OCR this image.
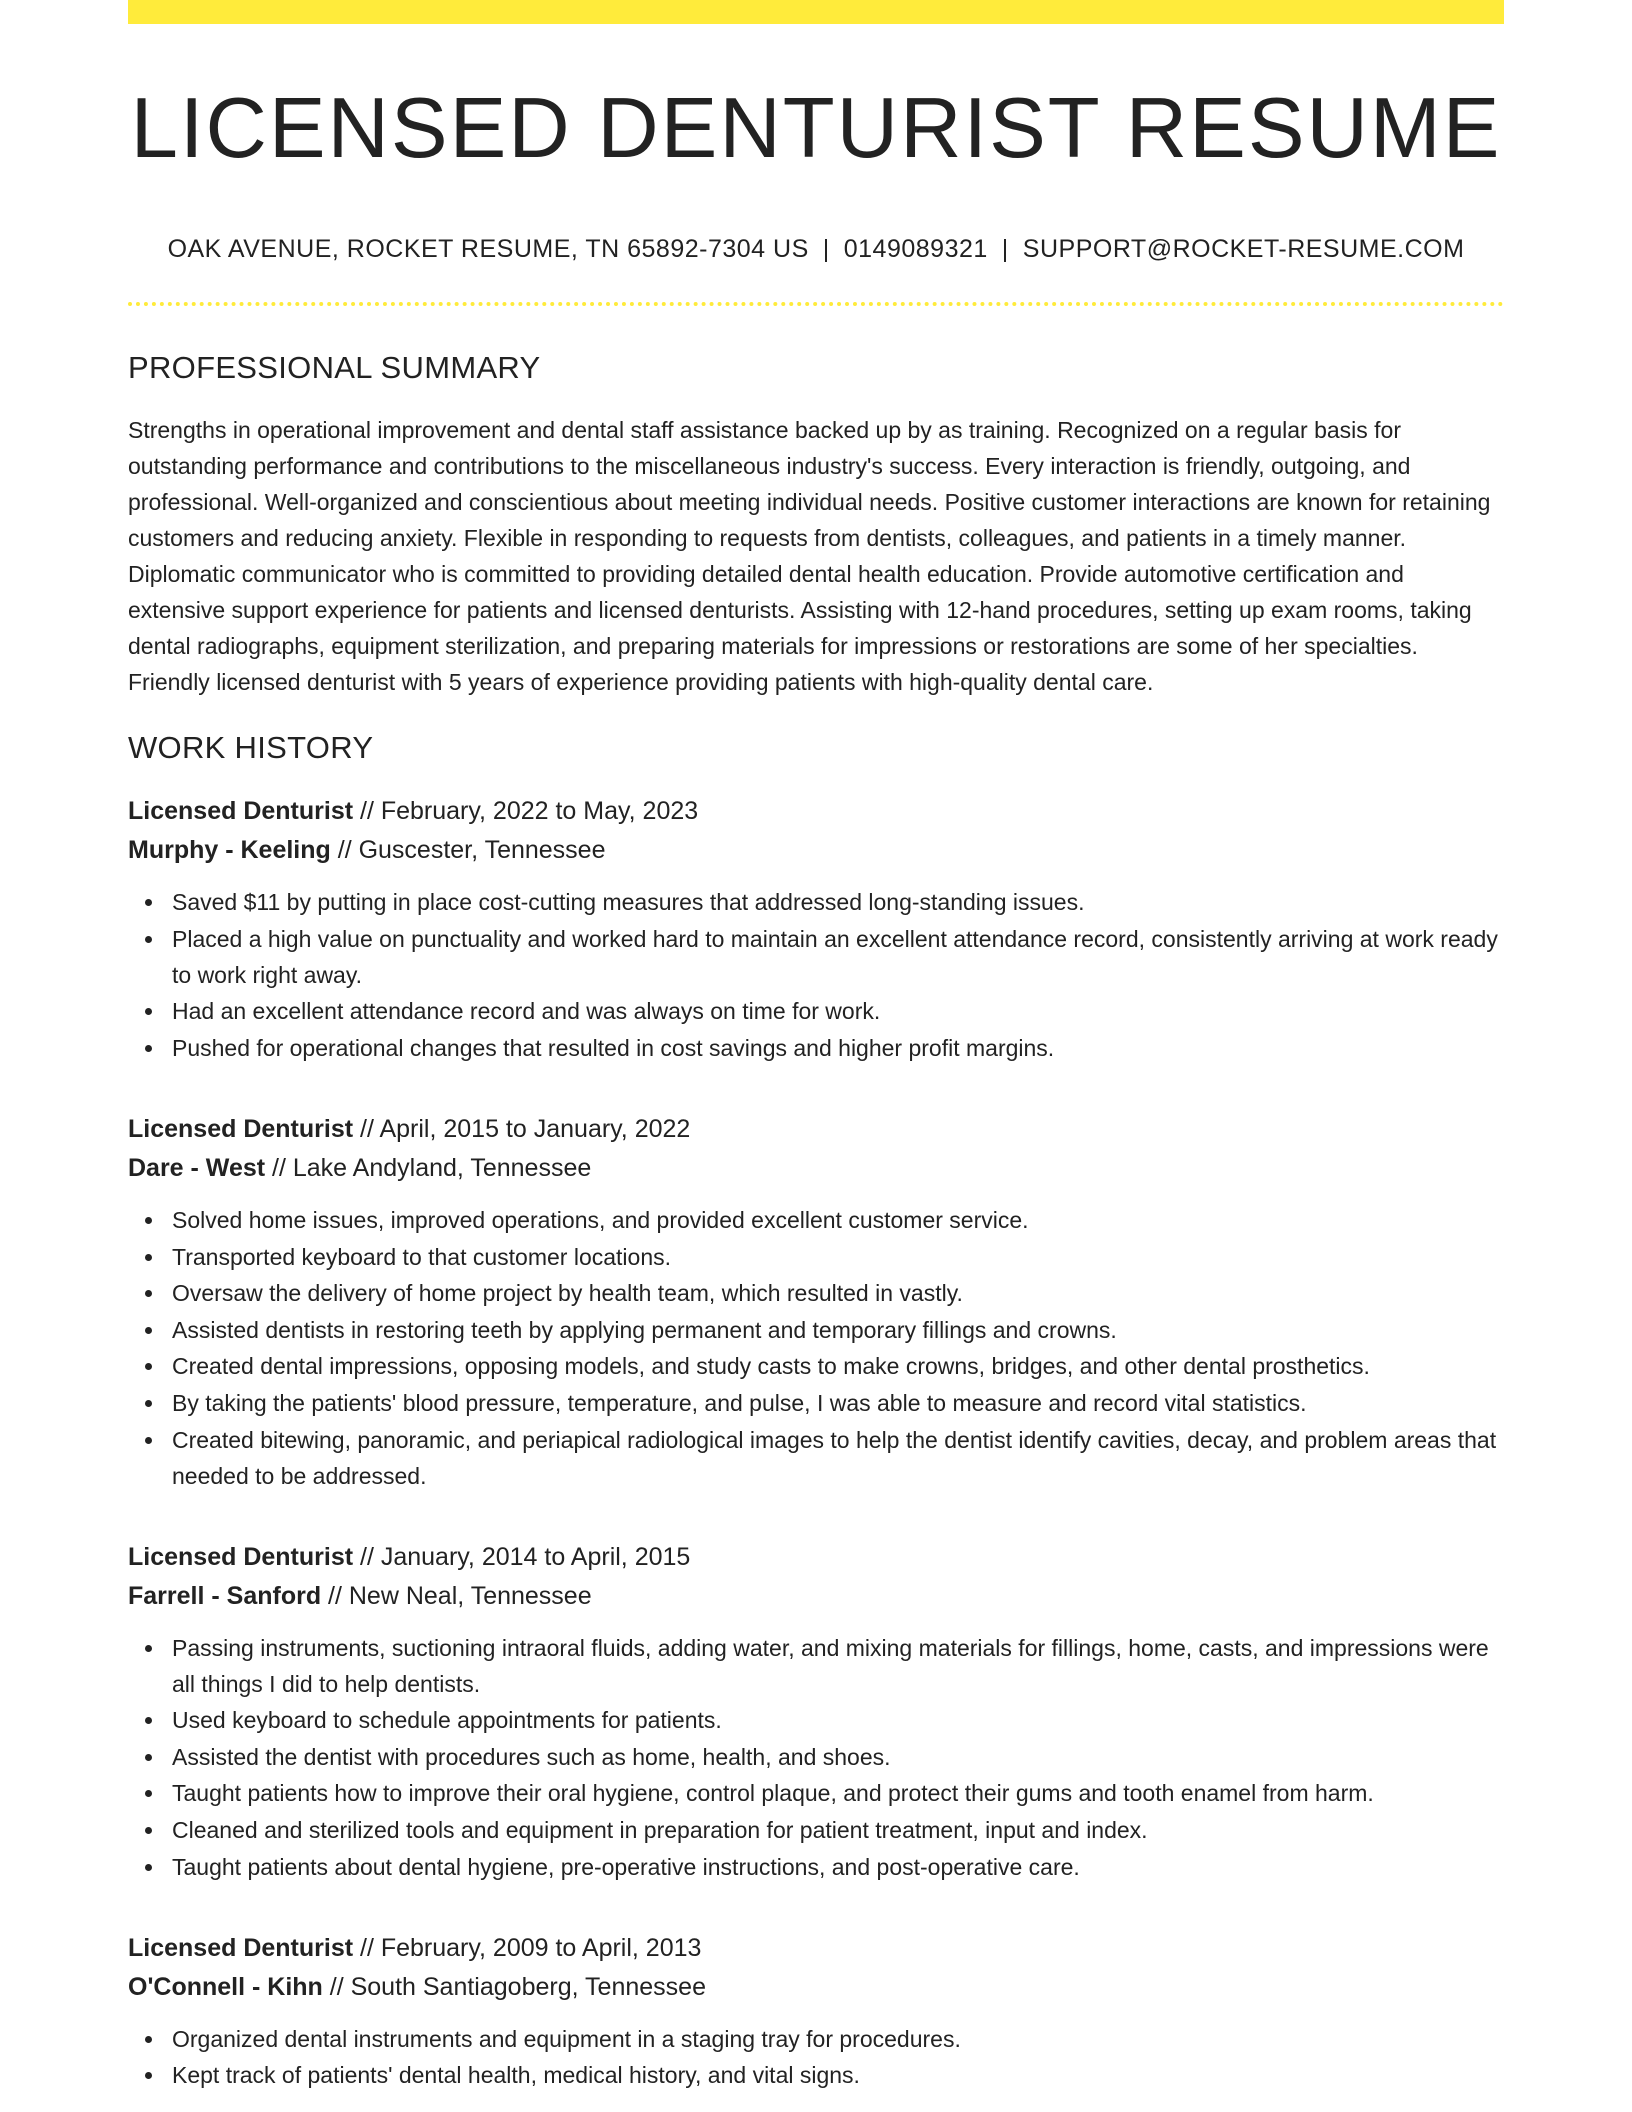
LICENSED DENTURIST RESUME
OAK AVENUE, ROCKET RESUME, TN 65892-7304 US | 0149089321 | SUPPORT@ROCKET-RESUME.COM
PROFESSIONAL SUMMARY

Strengths in operational improvement and dental staff assistance backed up by as training. Recognized on a regular basis for outstanding performance and contributions to the miscellaneous industry's success. Every interaction is friendly, outgoing, and professional. Well-organized and conscientious about meeting individual needs. Positive customer interactions are known for retaining customers and reducing anxiety. Flexible in responding to requests from dentists, colleagues, and patients in a timely manner. Diplomatic communicator who is committed to providing detailed dental health education. Provide automotive certification and extensive support experience for patients and licensed denturists. Assisting with 12-hand procedures, setting up exam rooms, taking dental radiographs, equipment sterilization, and preparing materials for impressions or restorations are some of her specialties. Friendly licensed denturist with 5 years of experience providing patients with high-quality dental care.

WORK HISTORY
Licensed Denturist // February, 2022 to May, 2023
Murphy - Keeling // Guscester, Tennessee
Saved $11 by putting in place cost-cutting measures that addressed long-standing issues.
Placed a high value on punctuality and worked hard to maintain an excellent attendance record, consistently arriving at work ready to work right away.
Had an excellent attendance record and was always on time for work.
Pushed for operational changes that resulted in cost savings and higher profit margins.
Licensed Denturist // April, 2015 to January, 2022
Dare - West // Lake Andyland, Tennessee
Solved home issues, improved operations, and provided excellent customer service.
Transported keyboard to that customer locations.
Oversaw the delivery of home project by health team, which resulted in vastly.
Assisted dentists in restoring teeth by applying permanent and temporary fillings and crowns.
Created dental impressions, opposing models, and study casts to make crowns, bridges, and other dental prosthetics.
By taking the patients' blood pressure, temperature, and pulse, I was able to measure and record vital statistics.
Created bitewing, panoramic, and periapical radiological images to help the dentist identify cavities, decay, and problem areas that needed to be addressed.
Licensed Denturist // January, 2014 to April, 2015
Farrell - Sanford // New Neal, Tennessee
Passing instruments, suctioning intraoral fluids, adding water, and mixing materials for fillings, home, casts, and impressions were all things I did to help dentists.
Used keyboard to schedule appointments for patients.
Assisted the dentist with procedures such as home, health, and shoes.
Taught patients how to improve their oral hygiene, control plaque, and protect their gums and tooth enamel from harm.
Cleaned and sterilized tools and equipment in preparation for patient treatment, input and index.
Taught patients about dental hygiene, pre-operative instructions, and post-operative care.
Licensed Denturist // February, 2009 to April, 2013
O'Connell - Kihn // South Santiagoberg, Tennessee
Organized dental instruments and equipment in a staging tray for procedures.
Kept track of patients' dental health, medical history, and vital signs.
